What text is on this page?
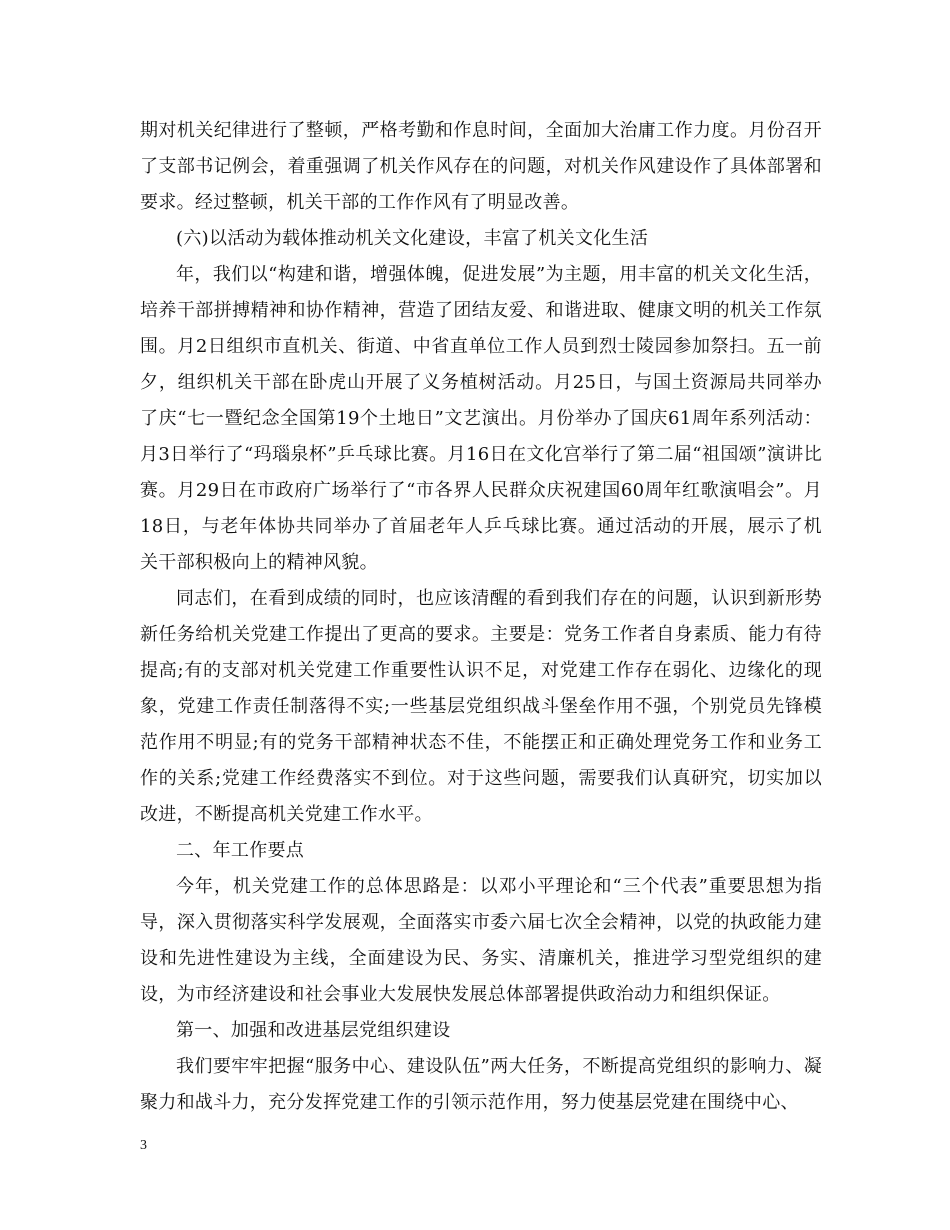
期对机关纪律进行了整顿，严格考勤和作息时间，全面加大治庸工作力度。月份召开了支部书记例会，着重强调了机关作风存在的问题，对机关作风建设作了具体部署和要求。经过整顿，机关干部的工作作风有了明显改善。

(六)以活动为载体推动机关文化建设，丰富了机关文化生活

年，我们以“构建和谐，增强体魄，促进发展”为主题，用丰富的机关文化生活，培养干部拼搏精神和协作精神，营造了团结友爱、和谐进取、健康文明的机关工作氛围。月2日组织市直机关、街道、中省直单位工作人员到烈士陵园参加祭扫。五一前夕，组织机关干部在卧虎山开展了义务植树活动。月25日，与国土资源局共同举办了庆“七一暨纪念全国第19个土地日”文艺演出。月份举办了国庆61周年系列活动：月3日举行了“玛瑙泉杯”乒乓球比赛。月16日在文化宫举行了第二届“祖国颂”演讲比赛。月29日在市政府广场举行了“市各界人民群众庆祝建国60周年红歌演唱会”。月18日，与老年体协共同举办了首届老年人乒乓球比赛。通过活动的开展，展示了机关干部积极向上的精神风貌。

同志们，在看到成绩的同时，也应该清醒的看到我们存在的问题，认识到新形势新任务给机关党建工作提出了更高的要求。主要是：党务工作者自身素质、能力有待提高;有的支部对机关党建工作重要性认识不足，对党建工作存在弱化、边缘化的现象，党建工作责任制落得不实;一些基层党组织战斗堡垒作用不强，个别党员先锋模范作用不明显;有的党务干部精神状态不佳，不能摆正和正确处理党务工作和业务工作的关系;党建工作经费落实不到位。对于这些问题，需要我们认真研究，切实加以改进，不断提高机关党建工作水平。

二、年工作要点

今年，机关党建工作的总体思路是：以邓小平理论和“三个代表”重要思想为指导，深入贯彻落实科学发展观，全面落实市委六届七次全会精神，以党的执政能力建设和先进性建设为主线，全面建设为民、务实、清廉机关，推进学习型党组织的建设，为市经济建设和社会事业大发展快发展总体部署提供政治动力和组织保证。

第一、加强和改进基层党组织建设

我们要牢牢把握“服务中心、建设队伍”两大任务，不断提高党组织的影响力、凝聚力和战斗力，充分发挥党建工作的引领示范作用，努力使基层党建在围绕中心、

3
